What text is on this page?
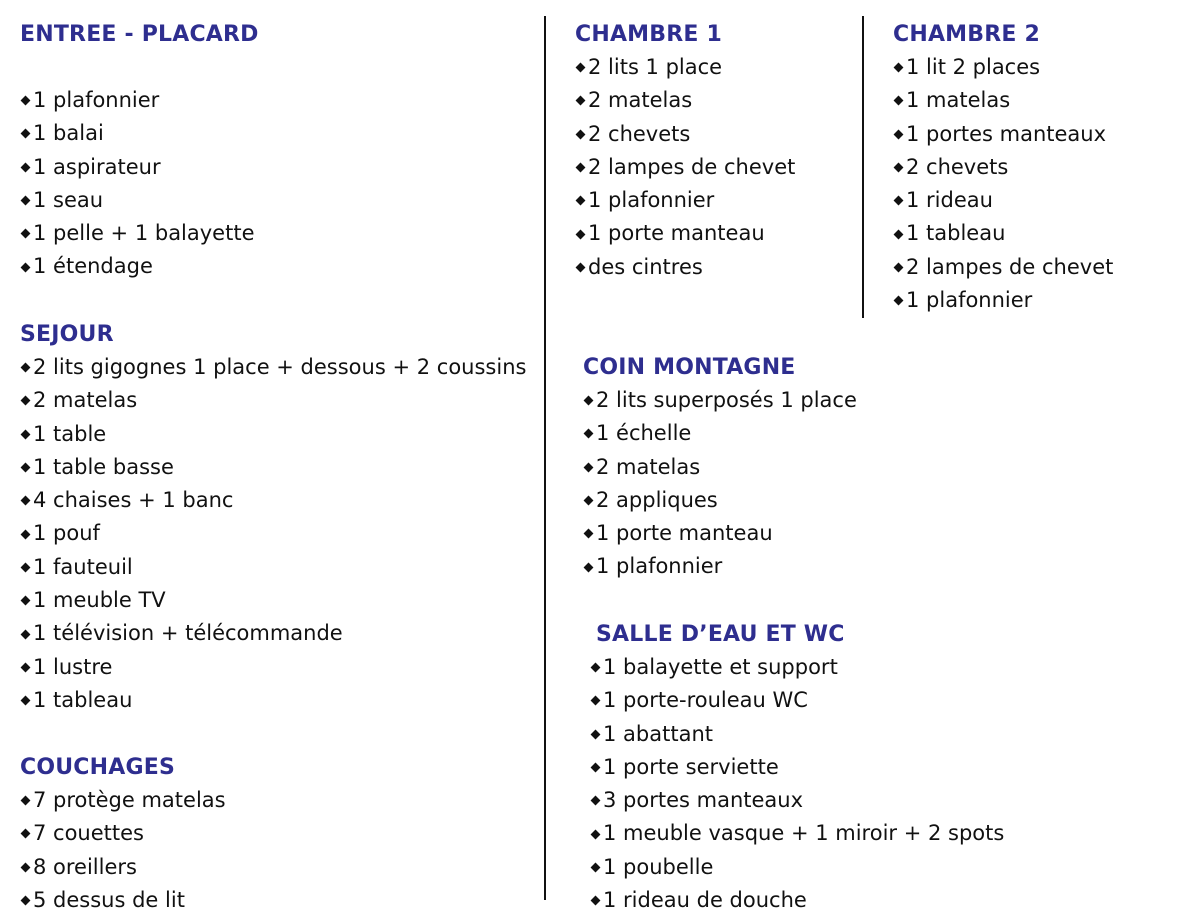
ENTREE - PLACARD
1 plafonnier
1 balai
1 aspirateur
1 seau
1 pelle + 1 balayette
1 étendage
SEJOUR
2 lits gigognes 1 place + dessous + 2 coussins
2 matelas
1 table
1 table basse
4 chaises + 1 banc
1 pouf
1 fauteuil
1 meuble TV
1 télévision + télécommande
1 lustre
1 tableau
COUCHAGES
7 protège matelas
7 couettes
8 oreillers
5 dessus de lit
CHAMBRE 1
2 lits 1 place
2 matelas
2 chevets
2 lampes de chevet
1 plafonnier
1 porte manteau
des cintres
CHAMBRE 2
1 lit 2 places
1 matelas
1 portes manteaux
2 chevets
1 rideau
1 tableau
2 lampes de chevet
1 plafonnier
COIN MONTAGNE
2 lits superposés 1 place
1 échelle
2 matelas
2 appliques
1 porte manteau
1 plafonnier
SALLE D’EAU ET WC
1 balayette et support
1 porte-rouleau WC
1 abattant
1 porte serviette
3 portes manteaux
1 meuble vasque + 1 miroir + 2 spots
1 poubelle
1 rideau de douche
